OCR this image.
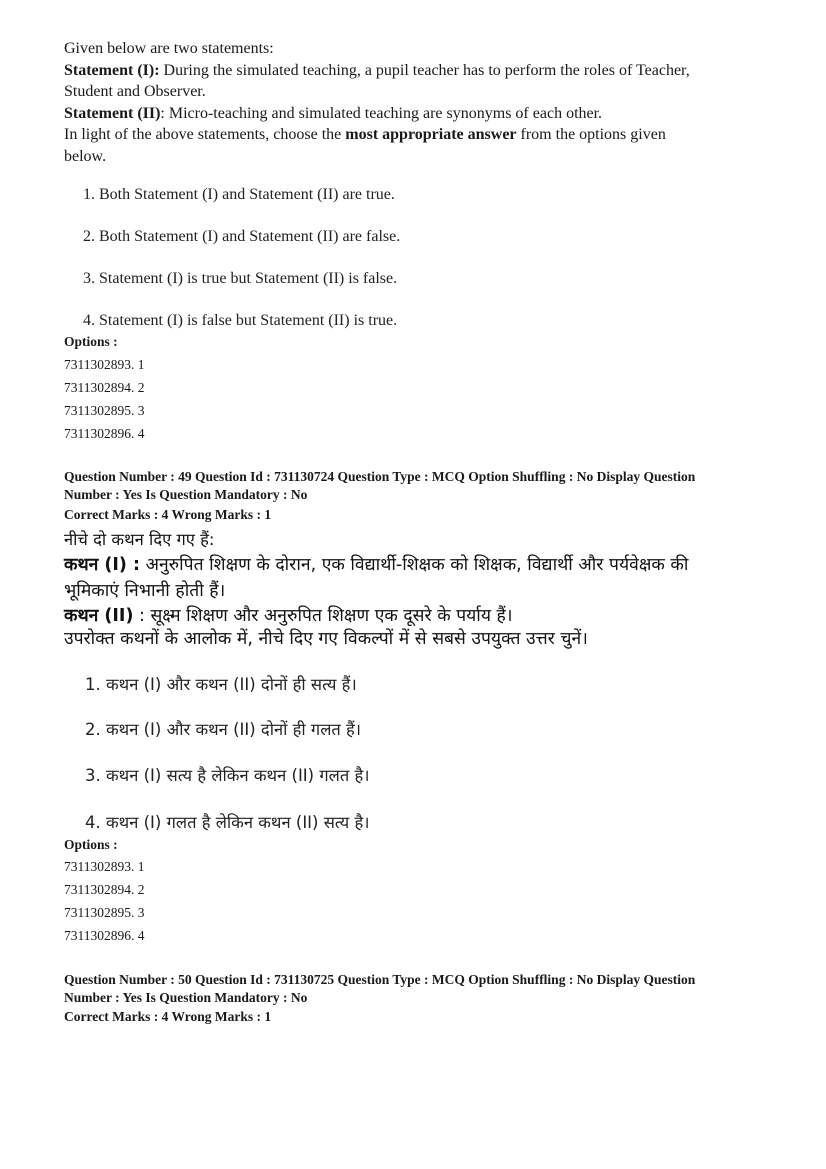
Given below are two statements:
Statement (I): During the simulated teaching, a pupil teacher has to perform the roles of Teacher,
Student and Observer.
Statement (II): Micro-teaching and simulated teaching are synonyms of each other.
In light of the above statements, choose the most appropriate answer from the options given
below.
1. Both Statement (I) and Statement (II) are true.
2. Both Statement (I) and Statement (II) are false.
3. Statement (I) is true but Statement (II) is false.
4. Statement (I) is false but Statement (II) is true.
Options :
7311302893. 1
7311302894. 2
7311302895. 3
7311302896. 4
Question Number : 49 Question Id : 731130724 Question Type : MCQ Option Shuffling : No Display Question
Number : Yes Is Question Mandatory : No
Correct Marks : 4 Wrong Marks : 1
नीचे दो कथन दिए गए हैं:
कथन (I) : अनुरुपित शिक्षण के दोरान, एक विद्यार्थी-शिक्षक को शिक्षक, विद्यार्थी और पर्यवेक्षक की
भूमिकाएं निभानी होती हैं।
कथन (II) : सूक्ष्म शिक्षण और अनुरुपित शिक्षण एक दूसरे के पर्याय हैं।
उपरोक्त कथनों के आलोक में, नीचे दिए गए विकल्पों में से सबसे उपयुक्त उत्तर चुनें।
1. कथन (I) और कथन (II) दोनों ही सत्य हैं।
2. कथन (I) और कथन (II) दोनों ही गलत हैं।
3. कथन (I) सत्य है लेकिन कथन (II) गलत है।
4. कथन (I) गलत है लेकिन कथन (II) सत्य है।
Options :
7311302893. 1
7311302894. 2
7311302895. 3
7311302896. 4
Question Number : 50 Question Id : 731130725 Question Type : MCQ Option Shuffling : No Display Question
Number : Yes Is Question Mandatory : No
Correct Marks : 4 Wrong Marks : 1
